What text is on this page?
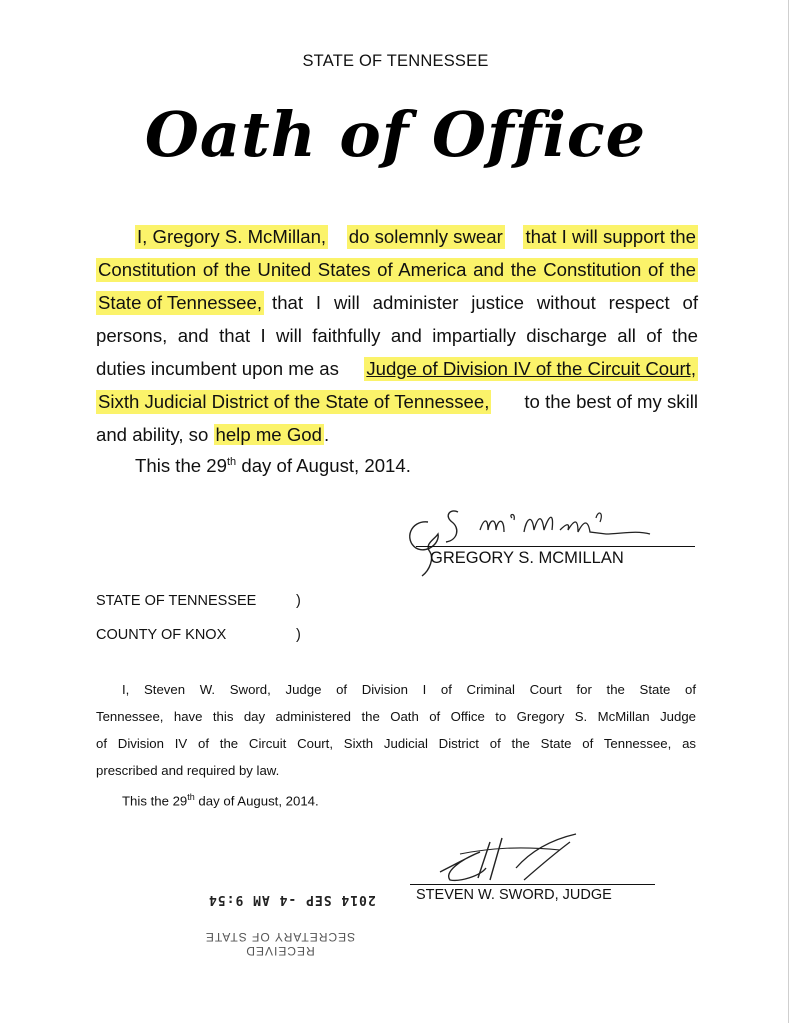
STATE OF TENNESSEE
Oath of Office
I, Gregory S. McMillan, do solemnly swear that I will support the
Constitution of the United States of America and the Constitution of the
State of Tennessee, that I will administer justice without respect of
persons, and that I will faithfully and impartially discharge all of the
duties incumbent upon me as Judge of Division IV of the Circuit Court,
Sixth Judicial District of the State of Tennessee, to the best of my skill
and ability, so help me God .
This the 29th day of August, 2014.
GREGORY S. MCMILLAN
STATE OF TENNESSEE	)
COUNTY OF KNOX	)
I, Steven W. Sword, Judge of Division I of Criminal Court for the State of
Tennessee, have this day administered the Oath of Office to Gregory S. McMillan Judge
of Division IV of the Circuit Court, Sixth Judicial District of the State of Tennessee, as
prescribed and required by law.
This the 29th day of August, 2014.
STEVEN W. SWORD, JUDGE
2014 SEP -4 AM 9:54
RECEIVED
SECRETARY OF STATE
